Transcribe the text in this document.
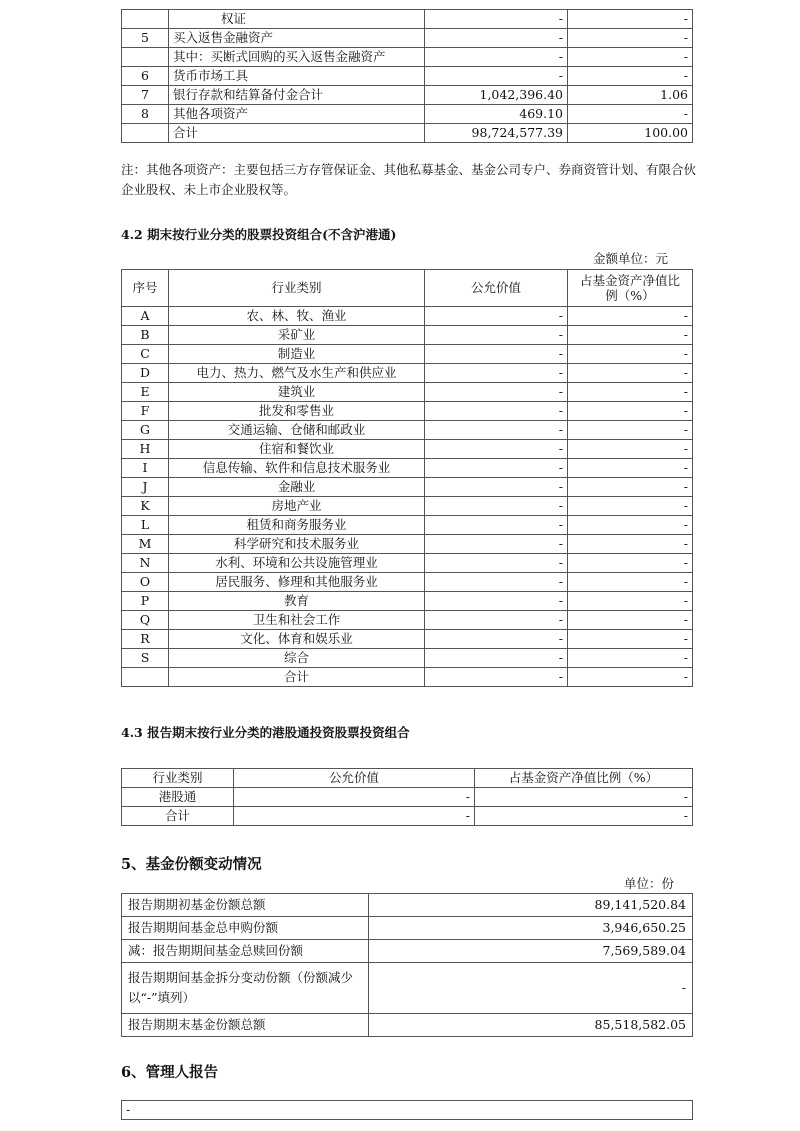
	权证	-	-
5	买入返售金融资产	-	-
	其中：买断式回购的买入返售金融资产	-	-
6	货币市场工具	-	-
7	银行存款和结算备付金合计	1,042,396.40	1.06
8	其他各项资产	469.10	-
	合计	98,724,577.39	100.00
注：其他各项资产：主要包括三方存管保证金、其他私募基金、基金公司专户、券商资管计划、有限合伙企业股权、未上市企业股权等。
4.2 期末按行业分类的股票投资组合(不含沪港通)
金额单位：元
序号	行业类别	公允价值	占基金资产净值比例（%）
A	农、林、牧、渔业	-	-
B	采矿业	-	-
C	制造业	-	-
D	电力、热力、燃气及水生产和供应业	-	-
E	建筑业	-	-
F	批发和零售业	-	-
G	交通运输、仓储和邮政业	-	-
H	住宿和餐饮业	-	-
I	信息传输、软件和信息技术服务业	-	-
J	金融业	-	-
K	房地产业	-	-
L	租赁和商务服务业	-	-
M	科学研究和技术服务业	-	-
N	水利、环境和公共设施管理业	-	-
O	居民服务、修理和其他服务业	-	-
P	教育	-	-
Q	卫生和社会工作	-	-
R	文化、体育和娱乐业	-	-
S	综合	-	-
	合计	-	-
4.3 报告期末按行业分类的港股通投资股票投资组合
行业类别	公允价值	占基金资产净值比例（%）
港股通	-	-
合计	-	-
5、基金份额变动情况
单位：份
报告期期初基金份额总额	89,141,520.84
报告期期间基金总申购份额	3,946,650.25
减：报告期期间基金总赎回份额	7,569,589.04
报告期期间基金拆分变动份额（份额减少以“-”填列）	-
报告期期末基金份额总额	85,518,582.05
6、管理人报告
-
